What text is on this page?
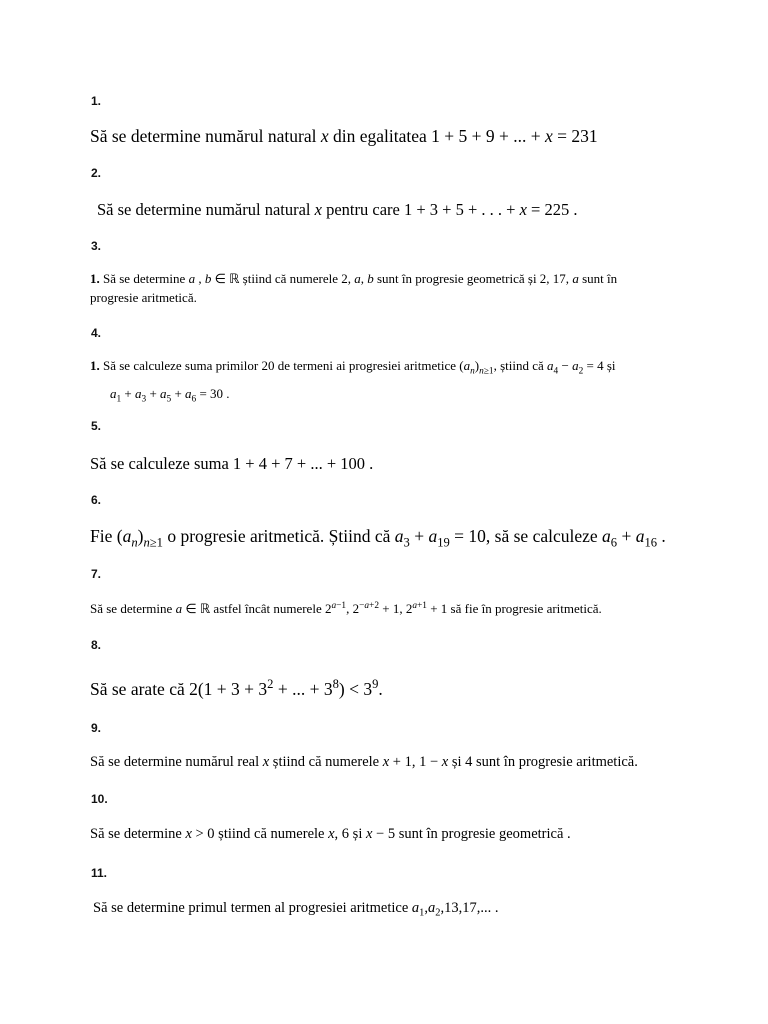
1.
Să se determine numărul natural x din egalitatea 1 + 5 + 9 + ... + x = 231
2.
Să se determine numărul natural x pentru care 1 + 3 + 5 + . . . + x = 225 .
3.
1. Să se determine a , b ∈ ℝ știind că numerele 2, a, b sunt în progresie geometrică și 2, 17, a sunt în
progresie aritmetică.
4.
1. Să se calculeze suma primilor 20 de termeni ai progresiei aritmetice $(a_n)_{n\ge 1}$, știind că $a_4 - a_2 = 4$ și
$a_1 + a_3 + a_5 + a_6 = 30$ .
5.
Să se calculeze suma 1 + 4 + 7 + ... + 100 .
6.
Fie $(a_n)_{n\ge 1}$ o progresie aritmetică. Știind că $a_3 + a_{19} = 10$, să se calculeze $a_6 + a_{16}$ .
7.
Să se determine a ∈ ℝ astfel încât numerele $2^{a-1}$, $2^{-a+2} + 1$, $2^{a+1} + 1$ să fie în progresie aritmetică.
8.
Să se arate că $2(1 + 3 + 3^2$ + ... + $3^8) < 3^9$.
9.
Să se determine numărul real x știind că numerele x + 1, 1 − x și 4 sunt în progresie aritmetică.
10.
Să se determine x > 0 știind că numerele x, 6 și x − 5 sunt în progresie geometrică .
11.
Să se determine primul termen al progresiei aritmetice $a_1,a_2,13,17$,... .
